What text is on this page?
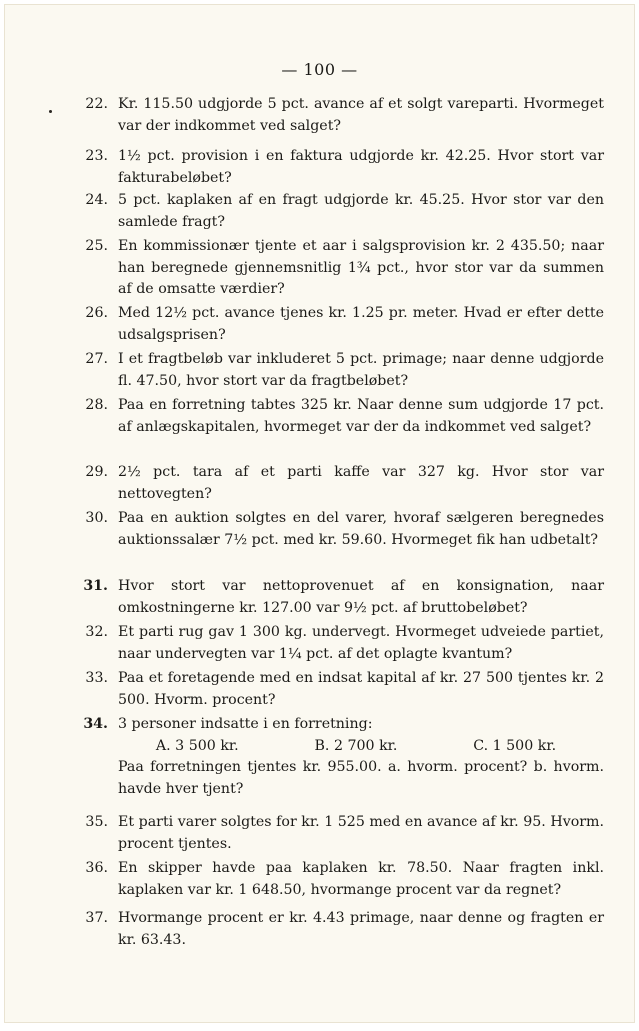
— 100 —
22. Kr. 115.50 udgjorde 5 pct. avance af et solgt vareparti. Hvormeget var der indkommet ved salget?
23. 1½ pct. provision i en faktura udgjorde kr. 42.25. Hvor stort var fakturabeløbet?
24. 5 pct. kaplaken af en fragt udgjorde kr. 45.25. Hvor stor var den samlede fragt?
25. En kommissionær tjente et aar i salgsprovision kr. 2 435.50; naar han beregnede gjennemsnitlig 1¾ pct., hvor stor var da summen af de omsatte værdier?
26. Med 12½ pct. avance tjenes kr. 1.25 pr. meter. Hvad er efter dette udsalgsprisen?
27. I et fragtbeløb var inkluderet 5 pct. primage; naar denne udgjorde fl. 47.50, hvor stort var da fragtbeløbet?
28. Paa en forretning tabtes 325 kr. Naar denne sum udgjorde 17 pct. af anlægskapitalen, hvormeget var der da indkommet ved salget?
29. 2½ pct. tara af et parti kaffe var 327 kg. Hvor stor var nettovegten?
30. Paa en auktion solgtes en del varer, hvoraf sælgeren beregnedes auktionssalær 7½ pct. med kr. 59.60. Hvormeget fik han udbetalt?
31. Hvor stort var nettoprovenuet af en konsignation, naar omkostningerne kr. 127.00 var 9½ pct. af bruttobeløbet?
32. Et parti rug gav 1 300 kg. undervegt. Hvormeget udveiede partiet, naar undervegten var 1¼ pct. af det oplagte kvantum?
33. Paa et foretagende med en indsat kapital af kr. 27 500 tjentes kr. 2 500. Hvorm. procent?
34. 3 personer indsatte i en forretning:
A. 3 500 kr.	B. 2 700 kr.	C. 1 500 kr.
Paa forretningen tjentes kr. 955.00. a. hvorm. procent? b. hvorm. havde hver tjent?
35. Et parti varer solgtes for kr. 1 525 med en avance af kr. 95. Hvorm. procent tjentes.
36. En skipper havde paa kaplaken kr. 78.50. Naar fragten inkl. kaplaken var kr. 1 648.50, hvormange procent var da regnet?
37. Hvormange procent er kr. 4.43 primage, naar denne og fragten er kr. 63.43.
